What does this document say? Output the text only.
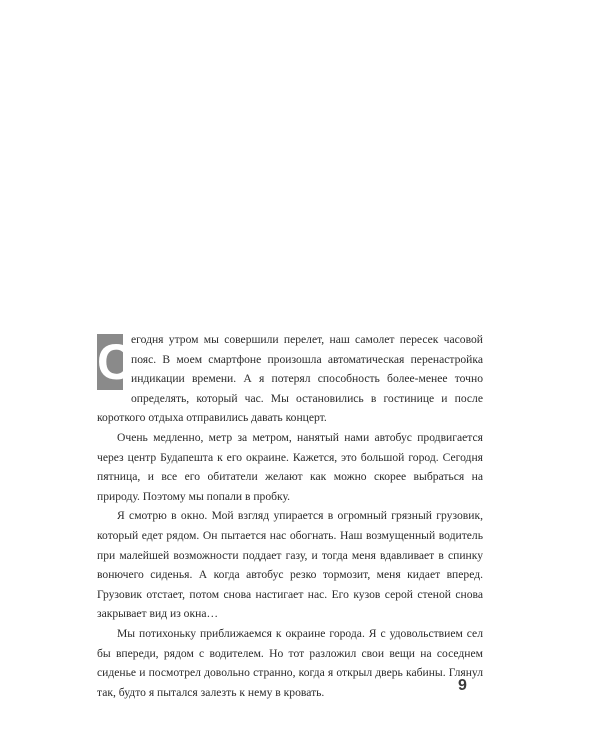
С
егодня утром мы совершили перелет, наш самолет пересек часовой пояс. В моем смартфоне произошла автоматическая перенастройка индикации времени. А я потерял способность более-менее точно определять, который час. Мы остановились в гостинице и после короткого отдыха отправились давать концерт.

Очень медленно, метр за метром, нанятый нами автобус продвигается через центр Будапешта к его окраине. Кажется, это большой город. Сегодня пятница, и все его обитатели желают как можно скорее выбраться на природу. Поэтому мы попали в пробку.

Я смотрю в окно. Мой взгляд упирается в огромный грязный грузовик, который едет рядом. Он пытается нас обогнать. Наш возмущенный водитель при малейшей возможности поддает газу, и тогда меня вдавливает в спинку вонючего сиденья. А когда автобус резко тормозит, меня кидает вперед. Грузовик отстает, потом снова настигает нас. Его кузов серой стеной снова закрывает вид из окна…

Мы потихоньку приближаемся к окраине города. Я с удовольствием сел бы впереди, рядом с водителем. Но тот разложил свои вещи на соседнем сиденье и посмотрел довольно странно, когда я открыл дверь кабины. Глянул так, будто я пытался залезть к нему в кровать.	9
